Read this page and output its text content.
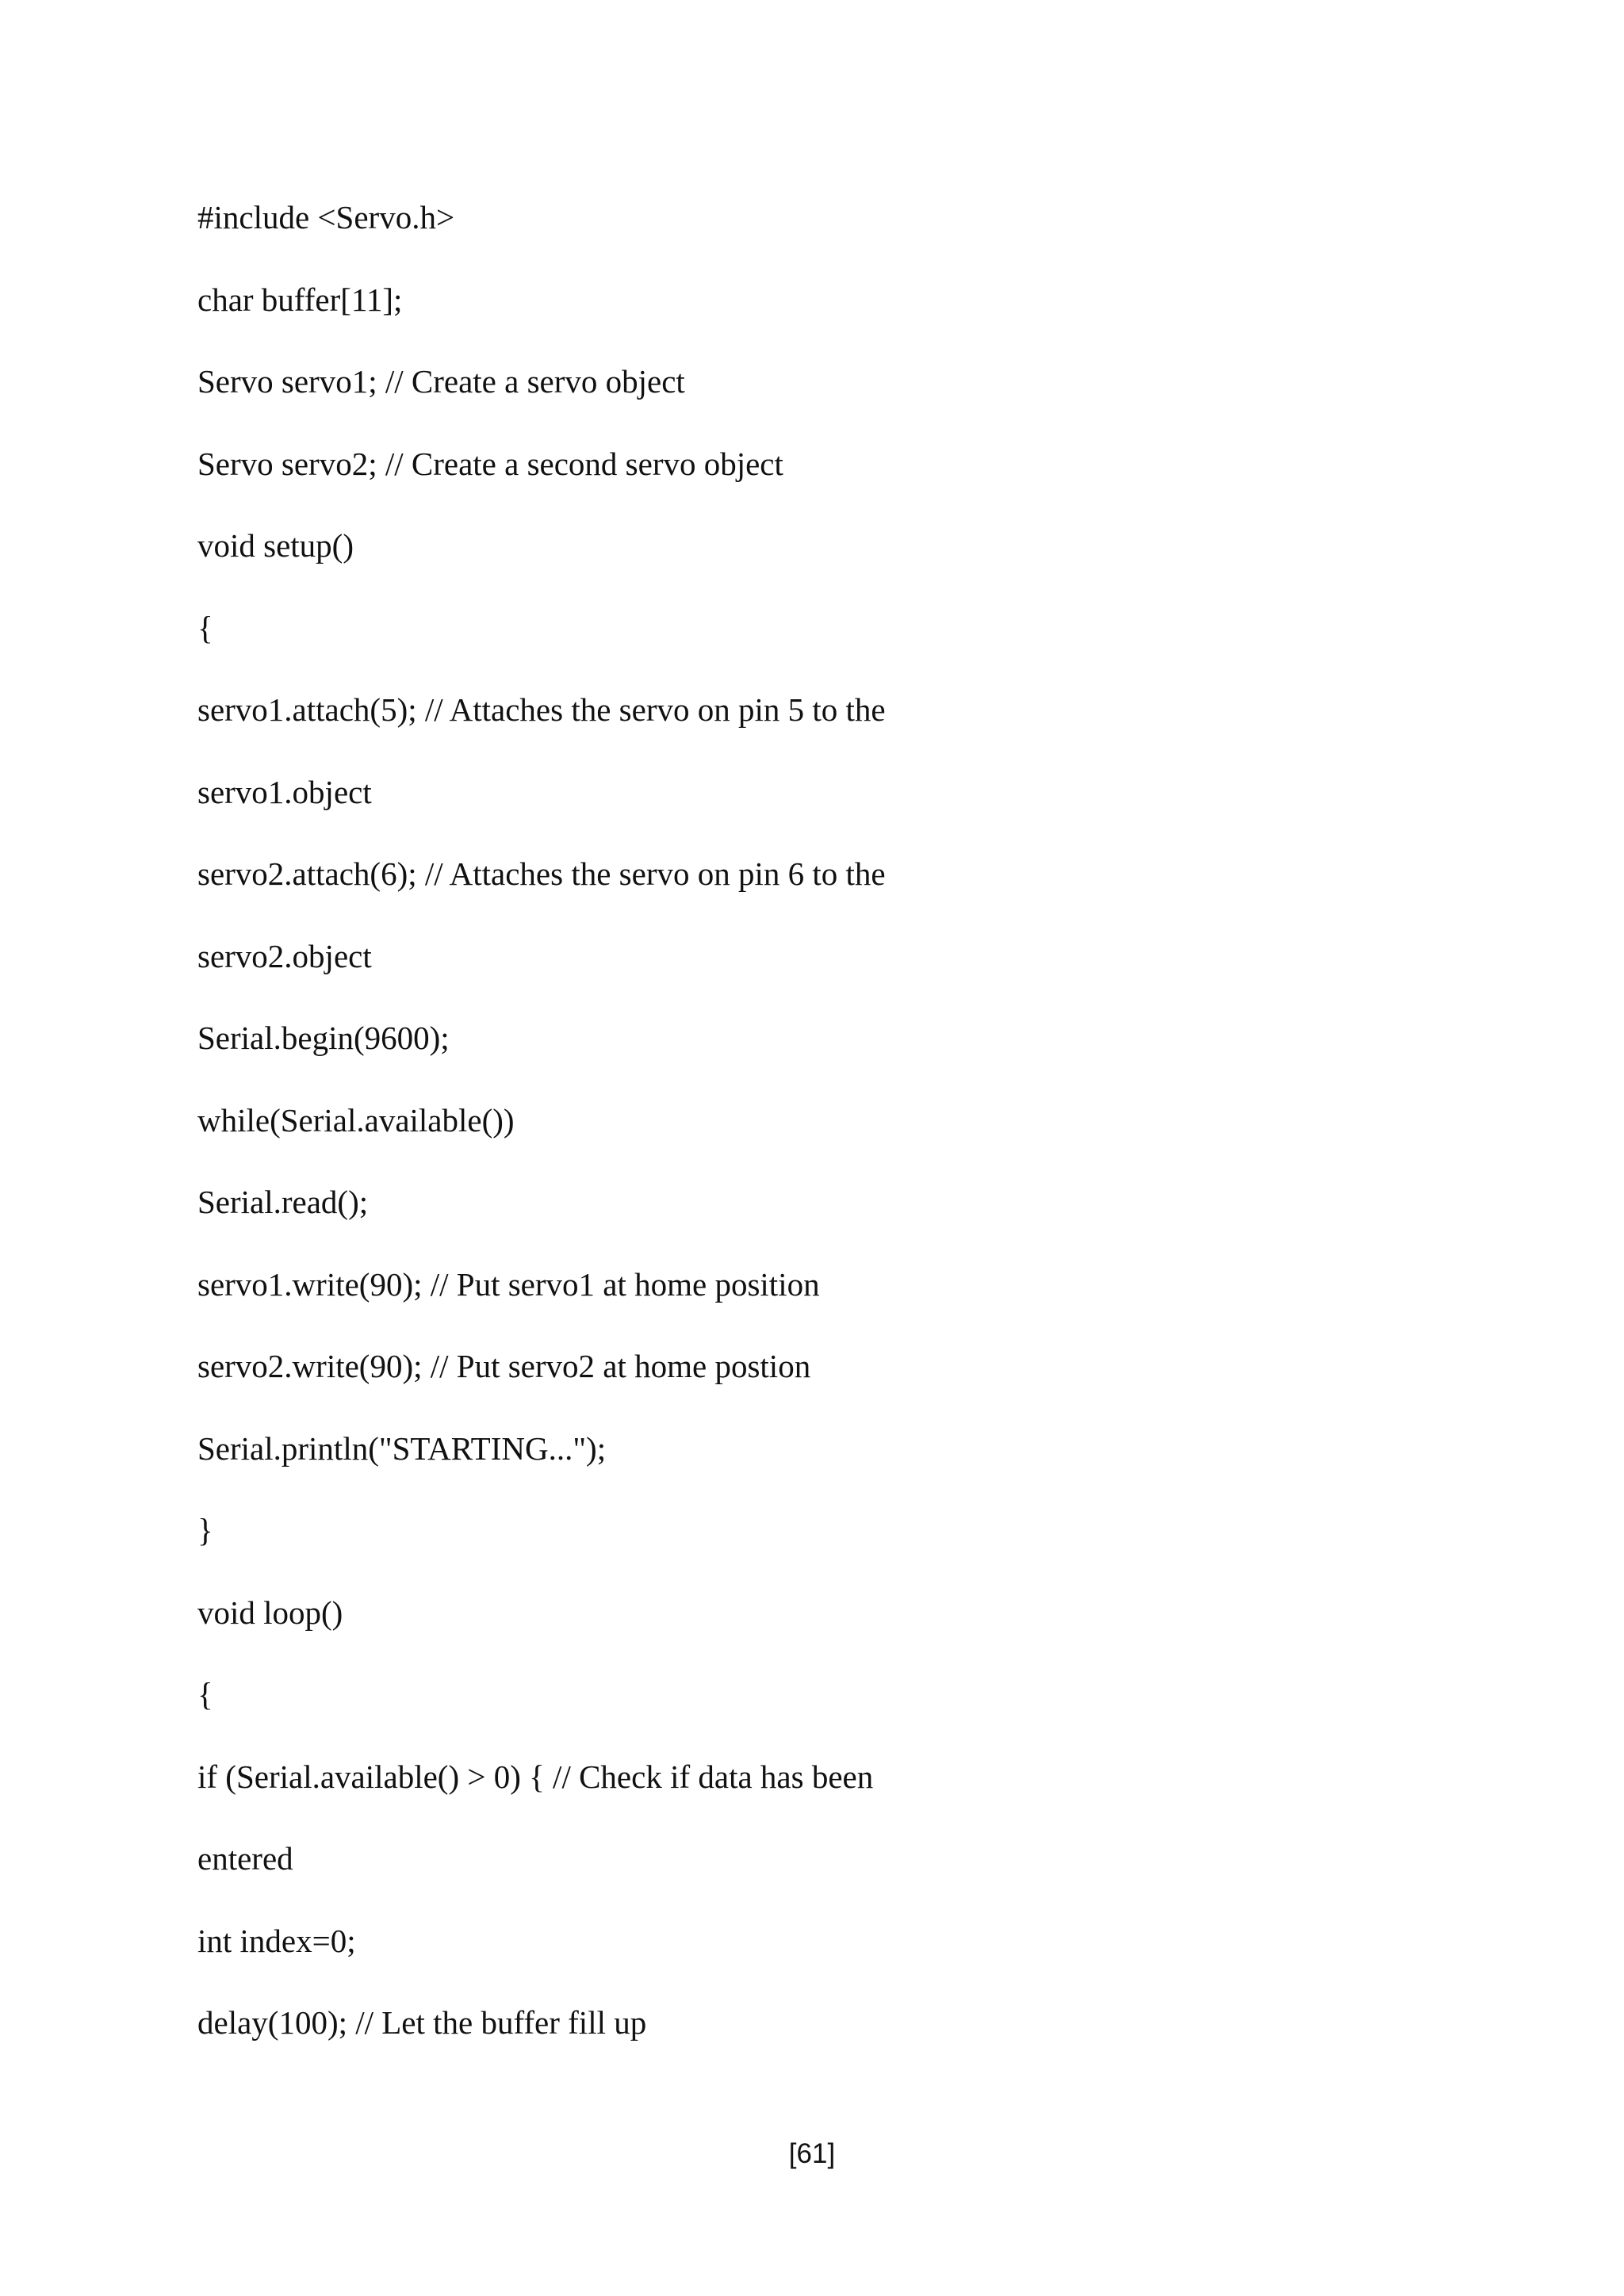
#include <Servo.h>
char buffer[11];
Servo servo1; // Create a servo object
Servo servo2; // Create a second servo object
void setup()
{
servo1.attach(5); // Attaches the servo on pin 5 to the
servo1.object
servo2.attach(6); // Attaches the servo on pin 6 to the
servo2.object
Serial.begin(9600);
while(Serial.available())
Serial.read();
servo1.write(90); // Put servo1 at home position
servo2.write(90); // Put servo2 at home postion
Serial.println("STARTING...");
}
void loop()
{
if (Serial.available() > 0) { // Check if data has been
entered
int index=0;
delay(100); // Let the buffer fill up
[61]
